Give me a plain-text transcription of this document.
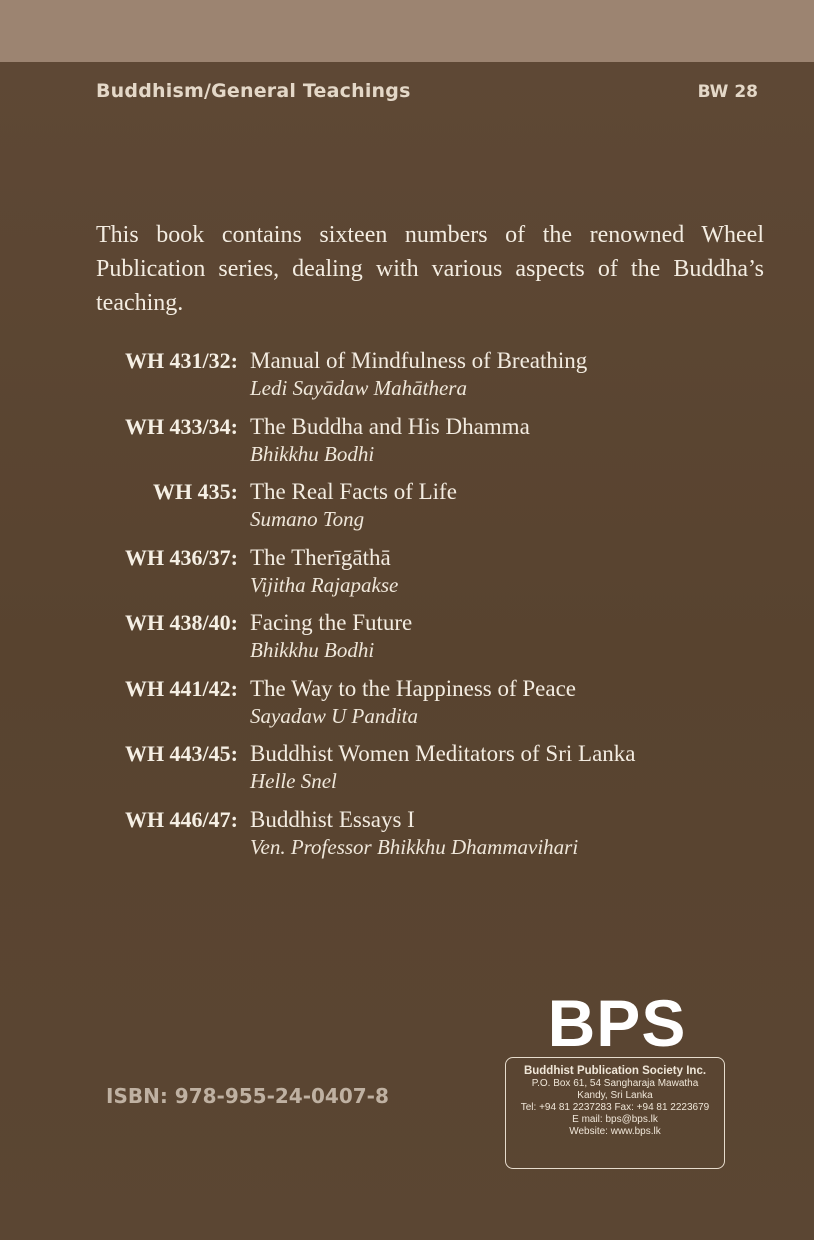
Buddhism/General Teachings	BW 28
This book contains sixteen numbers of the renowned Wheel Publication series, dealing with various aspects of the Buddha’s teaching.
WH 431/32: Manual of Mindfulness of Breathing
Ledi Sayādaw Mahāthera
WH 433/34: The Buddha and His Dhamma
Bhikkhu Bodhi
WH 435: The Real Facts of Life
Sumano Tong
WH 436/37: The Therīgāthā
Vijitha Rajapakse
WH 438/40: Facing the Future
Bhikkhu Bodhi
WH 441/42: The Way to the Happiness of Peace
Sayadaw U Pandita
WH 443/45: Buddhist Women Meditators of Sri Lanka
Helle Snel
WH 446/47: Buddhist Essays I
Ven. Professor Bhikkhu Dhammavihari
ISBN: 978-955-24-0407-8
BPS
Buddhist Publication Society Inc.
P.O. Box 61, 54 Sangharaja Mawatha
Kandy, Sri Lanka
Tel: +94 81 2237283 Fax: +94 81 2223679
E mail: bps@bps.lk
Website: www.bps.lk
